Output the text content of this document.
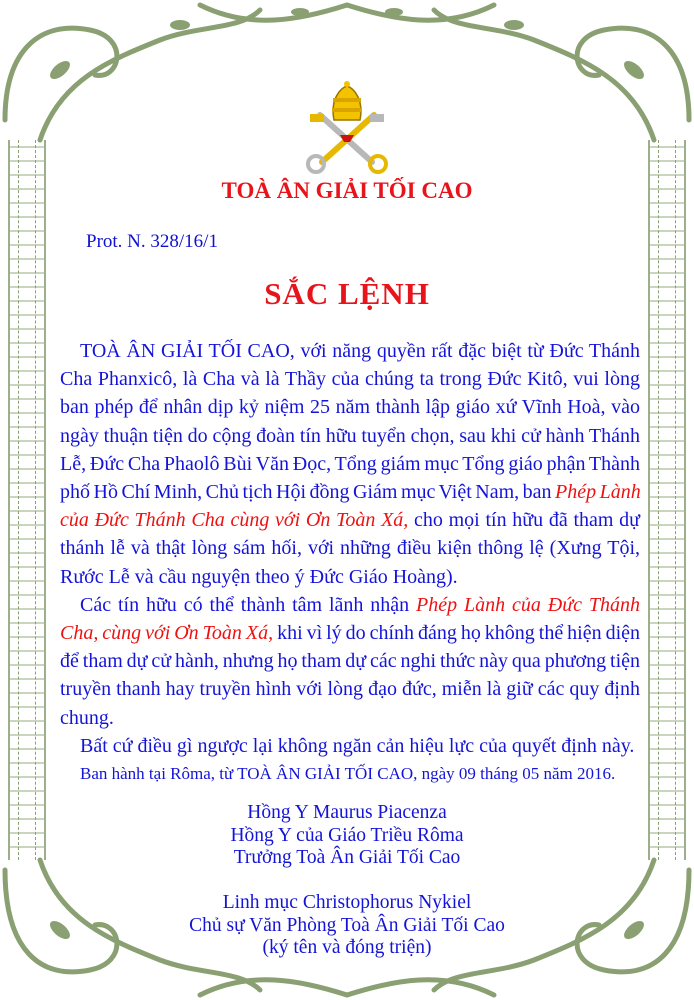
TOÀ ÂN GIẢI TỐI CAO
Prot. N. 328/16/1
SẮC LỆNH
TOÀ ÂN GIẢI TỐI CAO, với năng quyền rất đặc biệt từ Đức Thánh
Cha Phanxicô, là Cha và là Thầy của chúng ta trong Đức Kitô, vui lòng
ban phép để nhân dịp kỷ niệm 25 năm thành lập giáo xứ Vĩnh Hoà, vào
ngày thuận tiện do cộng đoàn tín hữu tuyển chọn, sau khi cử hành Thánh
Lễ, Đức Cha Phaolô Bùi Văn Đọc, Tổng giám mục Tổng giáo phận Thành
phố Hồ Chí Minh, Chủ tịch Hội đồng Giám mục Việt Nam, ban Phép Lành
của Đức Thánh Cha cùng với Ơn Toàn Xá, cho mọi tín hữu đã tham dự
thánh lễ và thật lòng sám hối, với những điều kiện thông lệ (Xưng Tội,
Rước Lễ và cầu nguyện theo ý Đức Giáo Hoàng).
Các tín hữu có thể thành tâm lãnh nhận Phép Lành của Đức Thánh
Cha, cùng với Ơn Toàn Xá, khi vì lý do chính đáng họ không thể hiện diện
để tham dự cử hành, nhưng họ tham dự các nghi thức này qua phương tiện
truyền thanh hay truyền hình với lòng đạo đức, miễn là giữ các quy định
chung.
Bất cứ điều gì ngược lại không ngăn cản hiệu lực của quyết định này.
Ban hành tại Rôma, từ TOÀ ÂN GIẢI TỐI CAO, ngày 09 tháng 05 năm 2016.
Hồng Y Maurus Piacenza
Hồng Y của Giáo Triều Rôma
Trưởng Toà Ân Giải Tối Cao
Linh mục Christophorus Nykiel
Chủ sự Văn Phòng Toà Ân Giải Tối Cao
(ký tên và đóng triện)
